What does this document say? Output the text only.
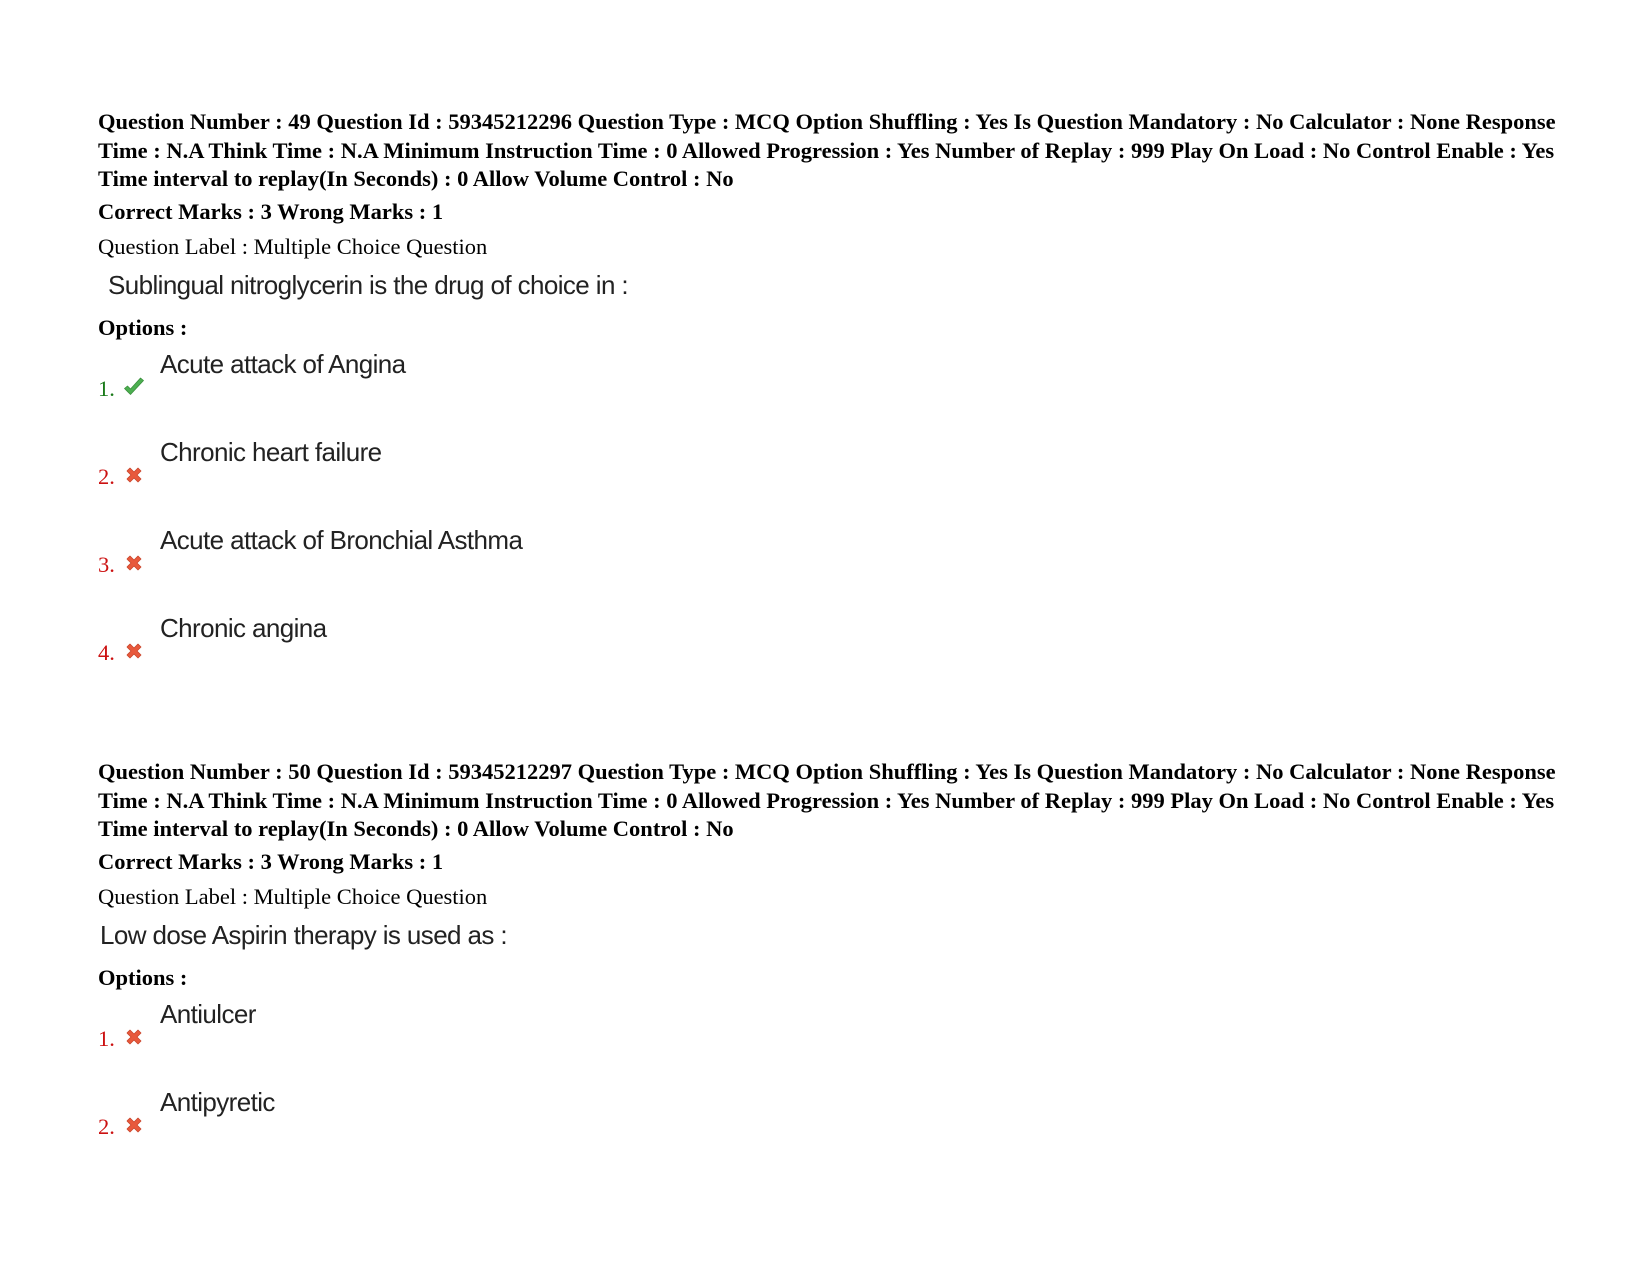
Question Number : 49 Question Id : 59345212296 Question Type : MCQ Option Shuffling : Yes Is Question Mandatory : No Calculator : None Response Time : N.A Think Time : N.A Minimum Instruction Time : 0 Allowed Progression : Yes Number of Replay : 999 Play On Load : No Control Enable : Yes Time interval to replay(In Seconds) : 0 Allow Volume Control : No

Correct Marks : 3 Wrong Marks : 1
Question Label : Multiple Choice Question
Sublingual nitroglycerin is the drug of choice in :
Options :
1.
Acute attack of Angina
2.
Chronic heart failure
3.
Acute attack of Bronchial Asthma
4.
Chronic angina

Question Number : 50 Question Id : 59345212297 Question Type : MCQ Option Shuffling : Yes Is Question Mandatory : No Calculator : None Response Time : N.A Think Time : N.A Minimum Instruction Time : 0 Allowed Progression : Yes Number of Replay : 999 Play On Load : No Control Enable : Yes Time interval to replay(In Seconds) : 0 Allow Volume Control : No

Correct Marks : 3 Wrong Marks : 1
Question Label : Multiple Choice Question
Low dose Aspirin therapy is used as :
Options :
1.
Antiulcer
2.
Antipyretic
